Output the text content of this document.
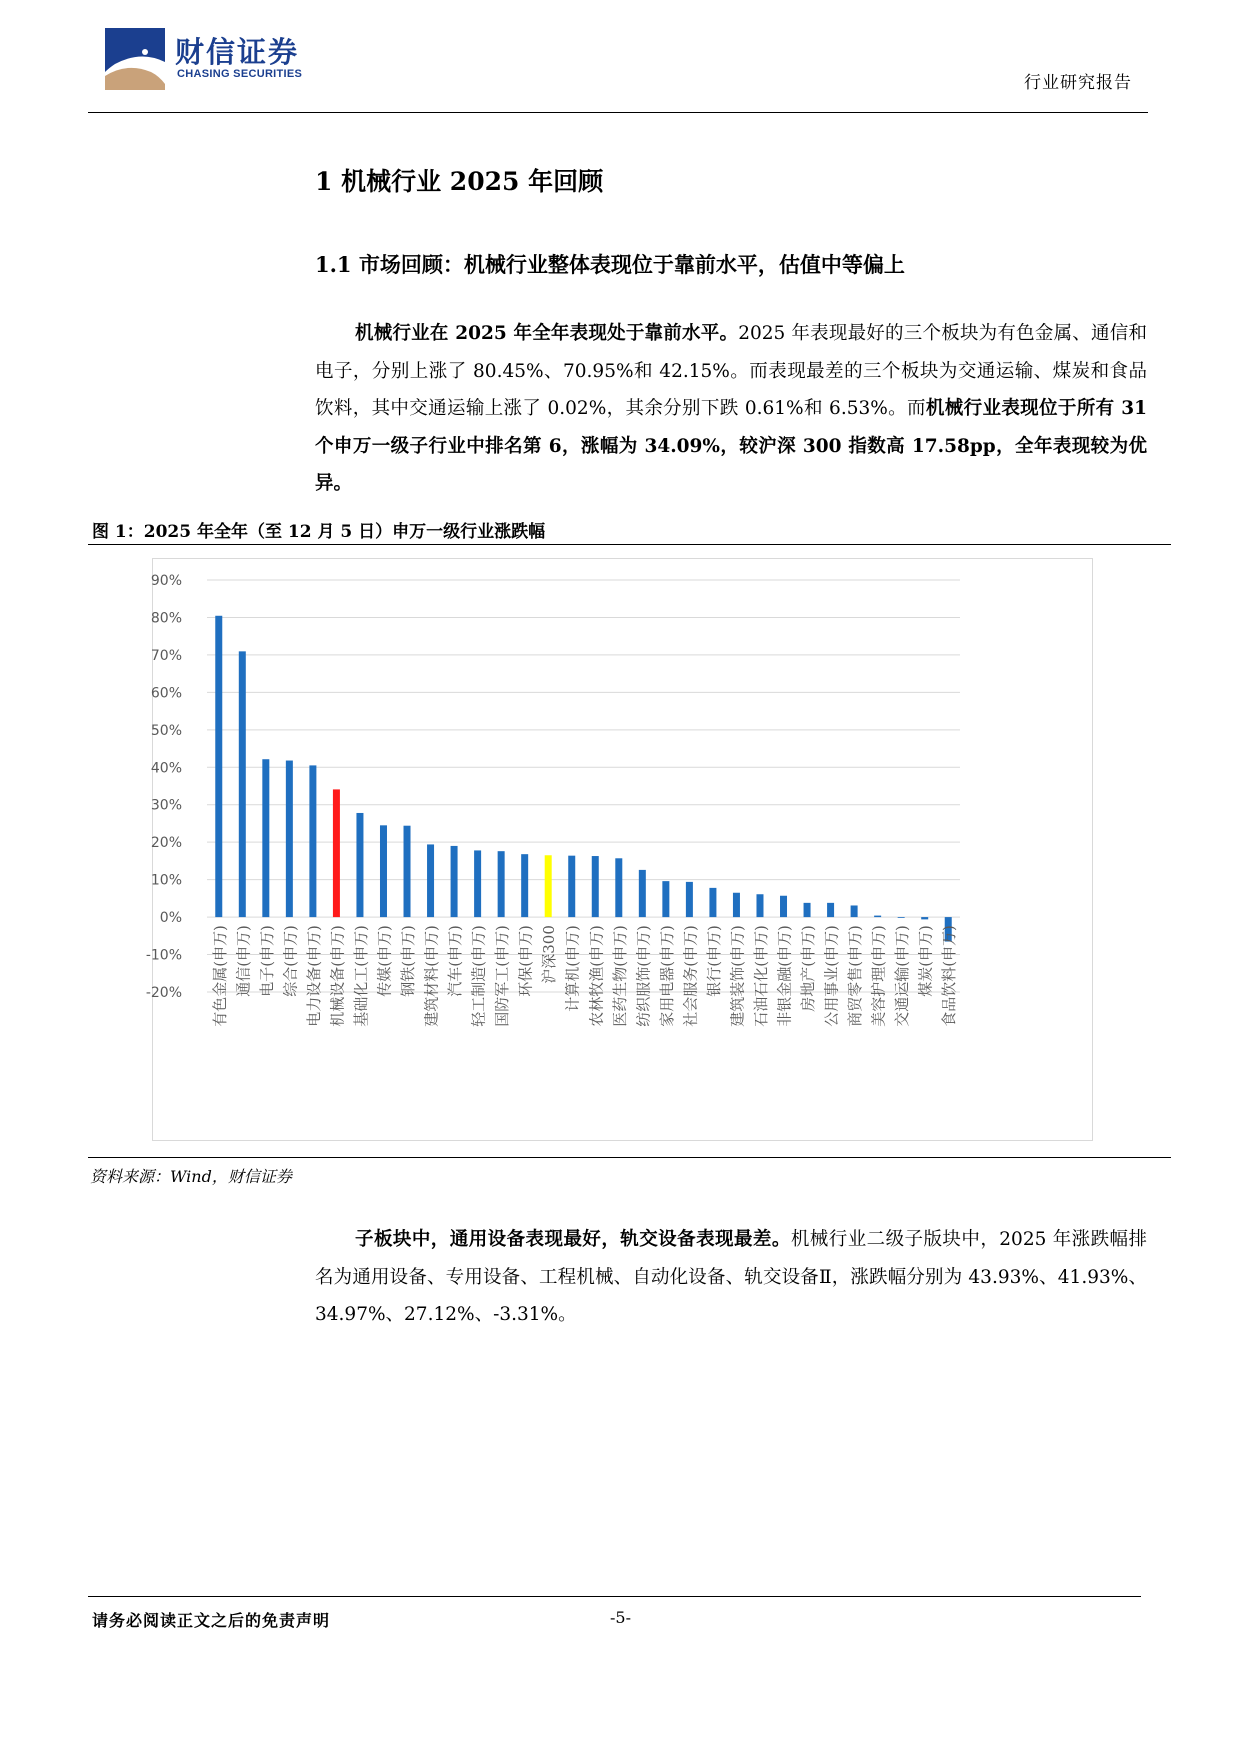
财信证券
CHASING SECURITIES	行业研究报告
1 机械行业 2025 年回顾
1.1 市场回顾：机械行业整体表现位于靠前水平，估值中等偏上
机械行业在 2025 年全年表现处于靠前水平。2025 年表现最好的三个板块为有色金属、通信和电子，分别上涨了 80.45%、70.95%和 42.15%。而表现最差的三个板块为交通运输、煤炭和食品饮料，其中交通运输上涨了 0.02%，其余分别下跌 0.61%和 6.53%。而机械行业表现位于所有 31 个申万一级子行业中排名第 6，涨幅为 34.09%，较沪深 300 指数高 17.58pp，全年表现较为优异。
图 1：2025 年全年（至 12 月 5 日）申万一级行业涨跌幅
-20%
-10%
0%
10%
20%
30%
40%
50%
60%
70%
80%
90%
有色金属(申万) 通信(申万) 电子(申万) 综合(申万) 电力设备(申万) 机械设备(申万) 基础化工(申万) 传媒(申万) 钢铁(申万) 建筑材料(申万) 汽车(申万) 轻工制造(申万) 国防军工(申万) 环保(申万) 沪深300 计算机(申万) 农林牧渔(申万) 医药生物(申万) 纺织服饰(申万) 家用电器(申万) 社会服务(申万) 银行(申万) 建筑装饰(申万) 石油石化(申万) 非银金融(申万) 房地产(申万) 公用事业(申万) 商贸零售(申万) 美容护理(申万) 交通运输(申万) 煤炭(申万) 食品饮料(申万)
资料来源：Wind，财信证券
子板块中，通用设备表现最好，轨交设备表现最差。机械行业二级子版块中，2025 年涨跌幅排名为通用设备、专用设备、工程机械、自动化设备、轨交设备Ⅱ，涨跌幅分别为 43.93%、41.93%、34.97%、27.12%、-3.31%。
请务必阅读正文之后的免责声明	-5-
